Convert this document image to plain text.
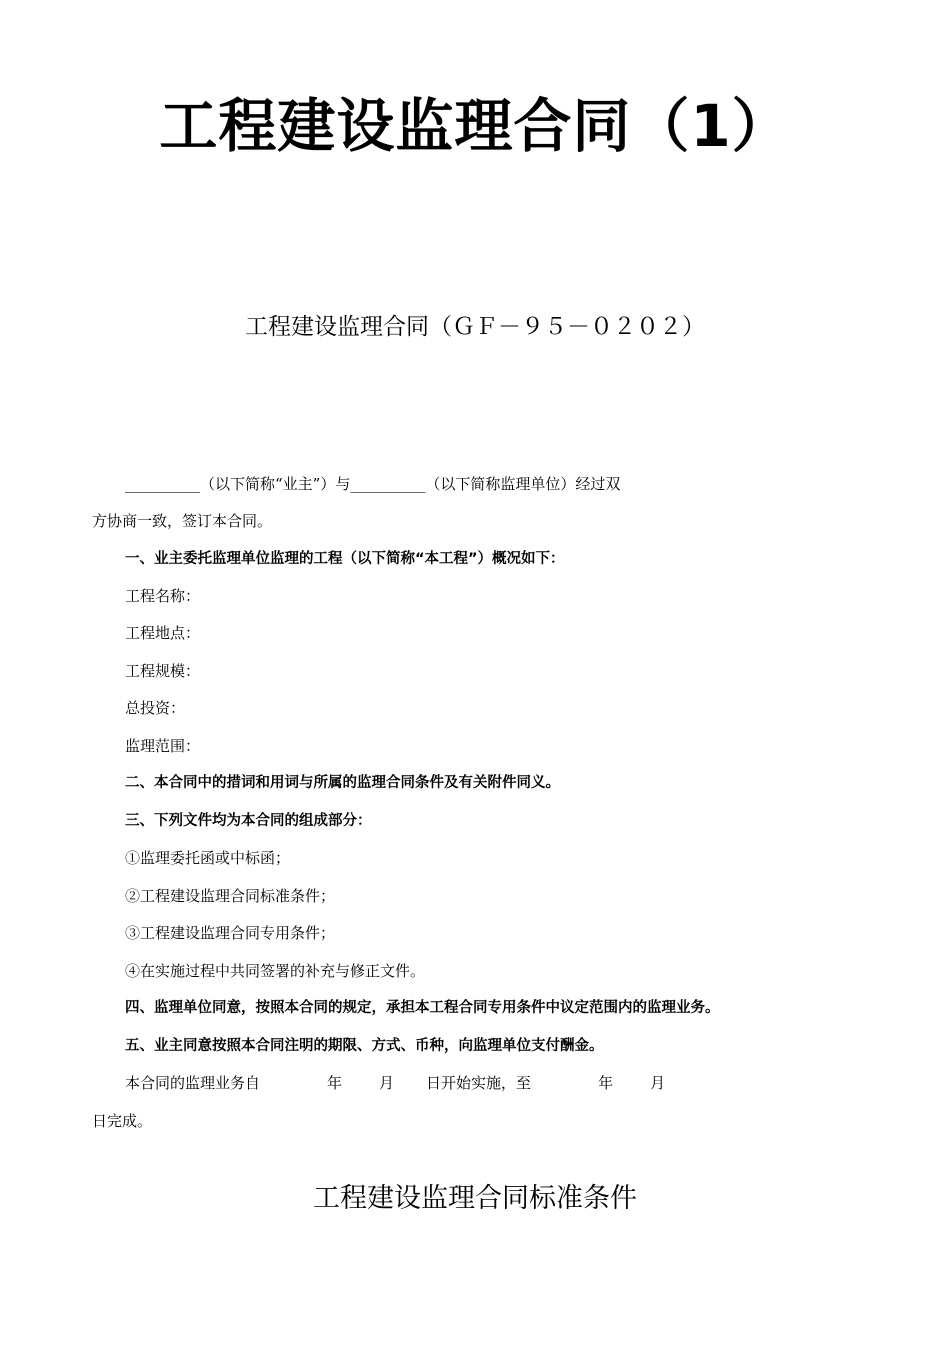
工程建设监理合同（1）
工程建设监理合同（ＧＦ－９５－０２０２）
__________（以下简称“业主”）与__________（以下简称监理单位）经过双
方协商一致，签订本合同。
一、业主委托监理单位监理的工程（以下简称“本工程”）概况如下：
工程名称：
工程地点：
工程规模：
总投资：
监理范围：
二、本合同中的措词和用词与所属的监理合同条件及有关附件同义。
三、下列文件均为本合同的组成部分：
①监理委托函或中标函；
②工程建设监理合同标准条件；
③工程建设监理合同专用条件；
④在实施过程中共同签署的补充与修正文件。
四、监理单位同意，按照本合同的规定，承担本工程合同专用条件中议定范围内的监理业务。
五、业主同意按照本合同注明的期限、方式、币种，向监理单位支付酬金。
本合同的监理业务自	年 月 日开始实施，至	年 月
日完成。
工程建设监理合同标准条件
